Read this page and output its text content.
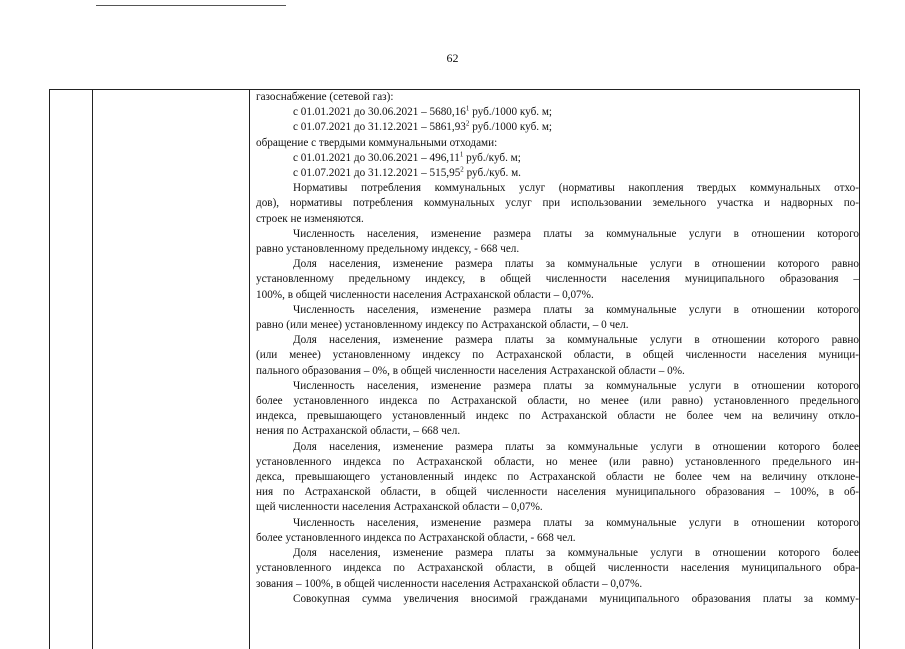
62
газоснабжение (сетевой газ):
с 01.01.2021 до 30.06.2021 – 5680,16$^1$ руб./1000 куб. м;
с 01.07.2021 до 31.12.2021 – 5861,93$^2$ руб./1000 куб. м;
обращение с твердыми коммунальными отходами:
с 01.01.2021 до 30.06.2021 – 496,11$^1$ руб./куб. м;
с 01.07.2021 до 31.12.2021 – 515,95$^2$ руб./куб. м.
Нормативы потребления коммунальных услуг (нормативы накопления твердых коммунальных отхо-
дов), нормативы потребления коммунальных услуг при использовании земельного участка и надворных по-
строек не изменяются.
Численность населения, изменение размера платы за коммунальные услуги в отношении которого
равно установленному предельному индексу, - 668 чел.
Доля населения, изменение размера платы за коммунальные услуги в отношении которого равно
установленному предельному индексу, в общей численности населения муниципального образования –
100%, в общей численности населения Астраханской области – 0,07%.
Численность населения, изменение размера платы за коммунальные услуги в отношении которого
равно (или менее) установленному индексу по Астраханской области, – 0 чел.
Доля населения, изменение размера платы за коммунальные услуги в отношении которого равно
(или менее) установленному индексу по Астраханской области, в общей численности населения муници-
пального образования – 0%, в общей численности населения Астраханской области – 0%.
Численность населения, изменение размера платы за коммунальные услуги в отношении которого
более установленного индекса по Астраханской области, но менее (или равно) установленного предельного
индекса, превышающего установленный индекс по Астраханской области не более чем на величину откло-
нения по Астраханской области, – 668 чел.
Доля населения, изменение размера платы за коммунальные услуги в отношении которого более
установленного индекса по Астраханской области, но менее (или равно) установленного предельного ин-
декса, превышающего установленный индекс по Астраханской области не более чем на величину отклоне-
ния по Астраханской области, в общей численности населения муниципального образования – 100%, в об-
щей численности населения Астраханской области – 0,07%.
Численность населения, изменение размера платы за коммунальные услуги в отношении которого
более установленного индекса по Астраханской области, - 668 чел.
Доля населения, изменение размера платы за коммунальные услуги в отношении которого более
установленного индекса по Астраханской области, в общей численности населения муниципального обра-
зования – 100%, в общей численности населения Астраханской области – 0,07%.
Совокупная сумма увеличения вносимой гражданами муниципального образования платы за комму-
